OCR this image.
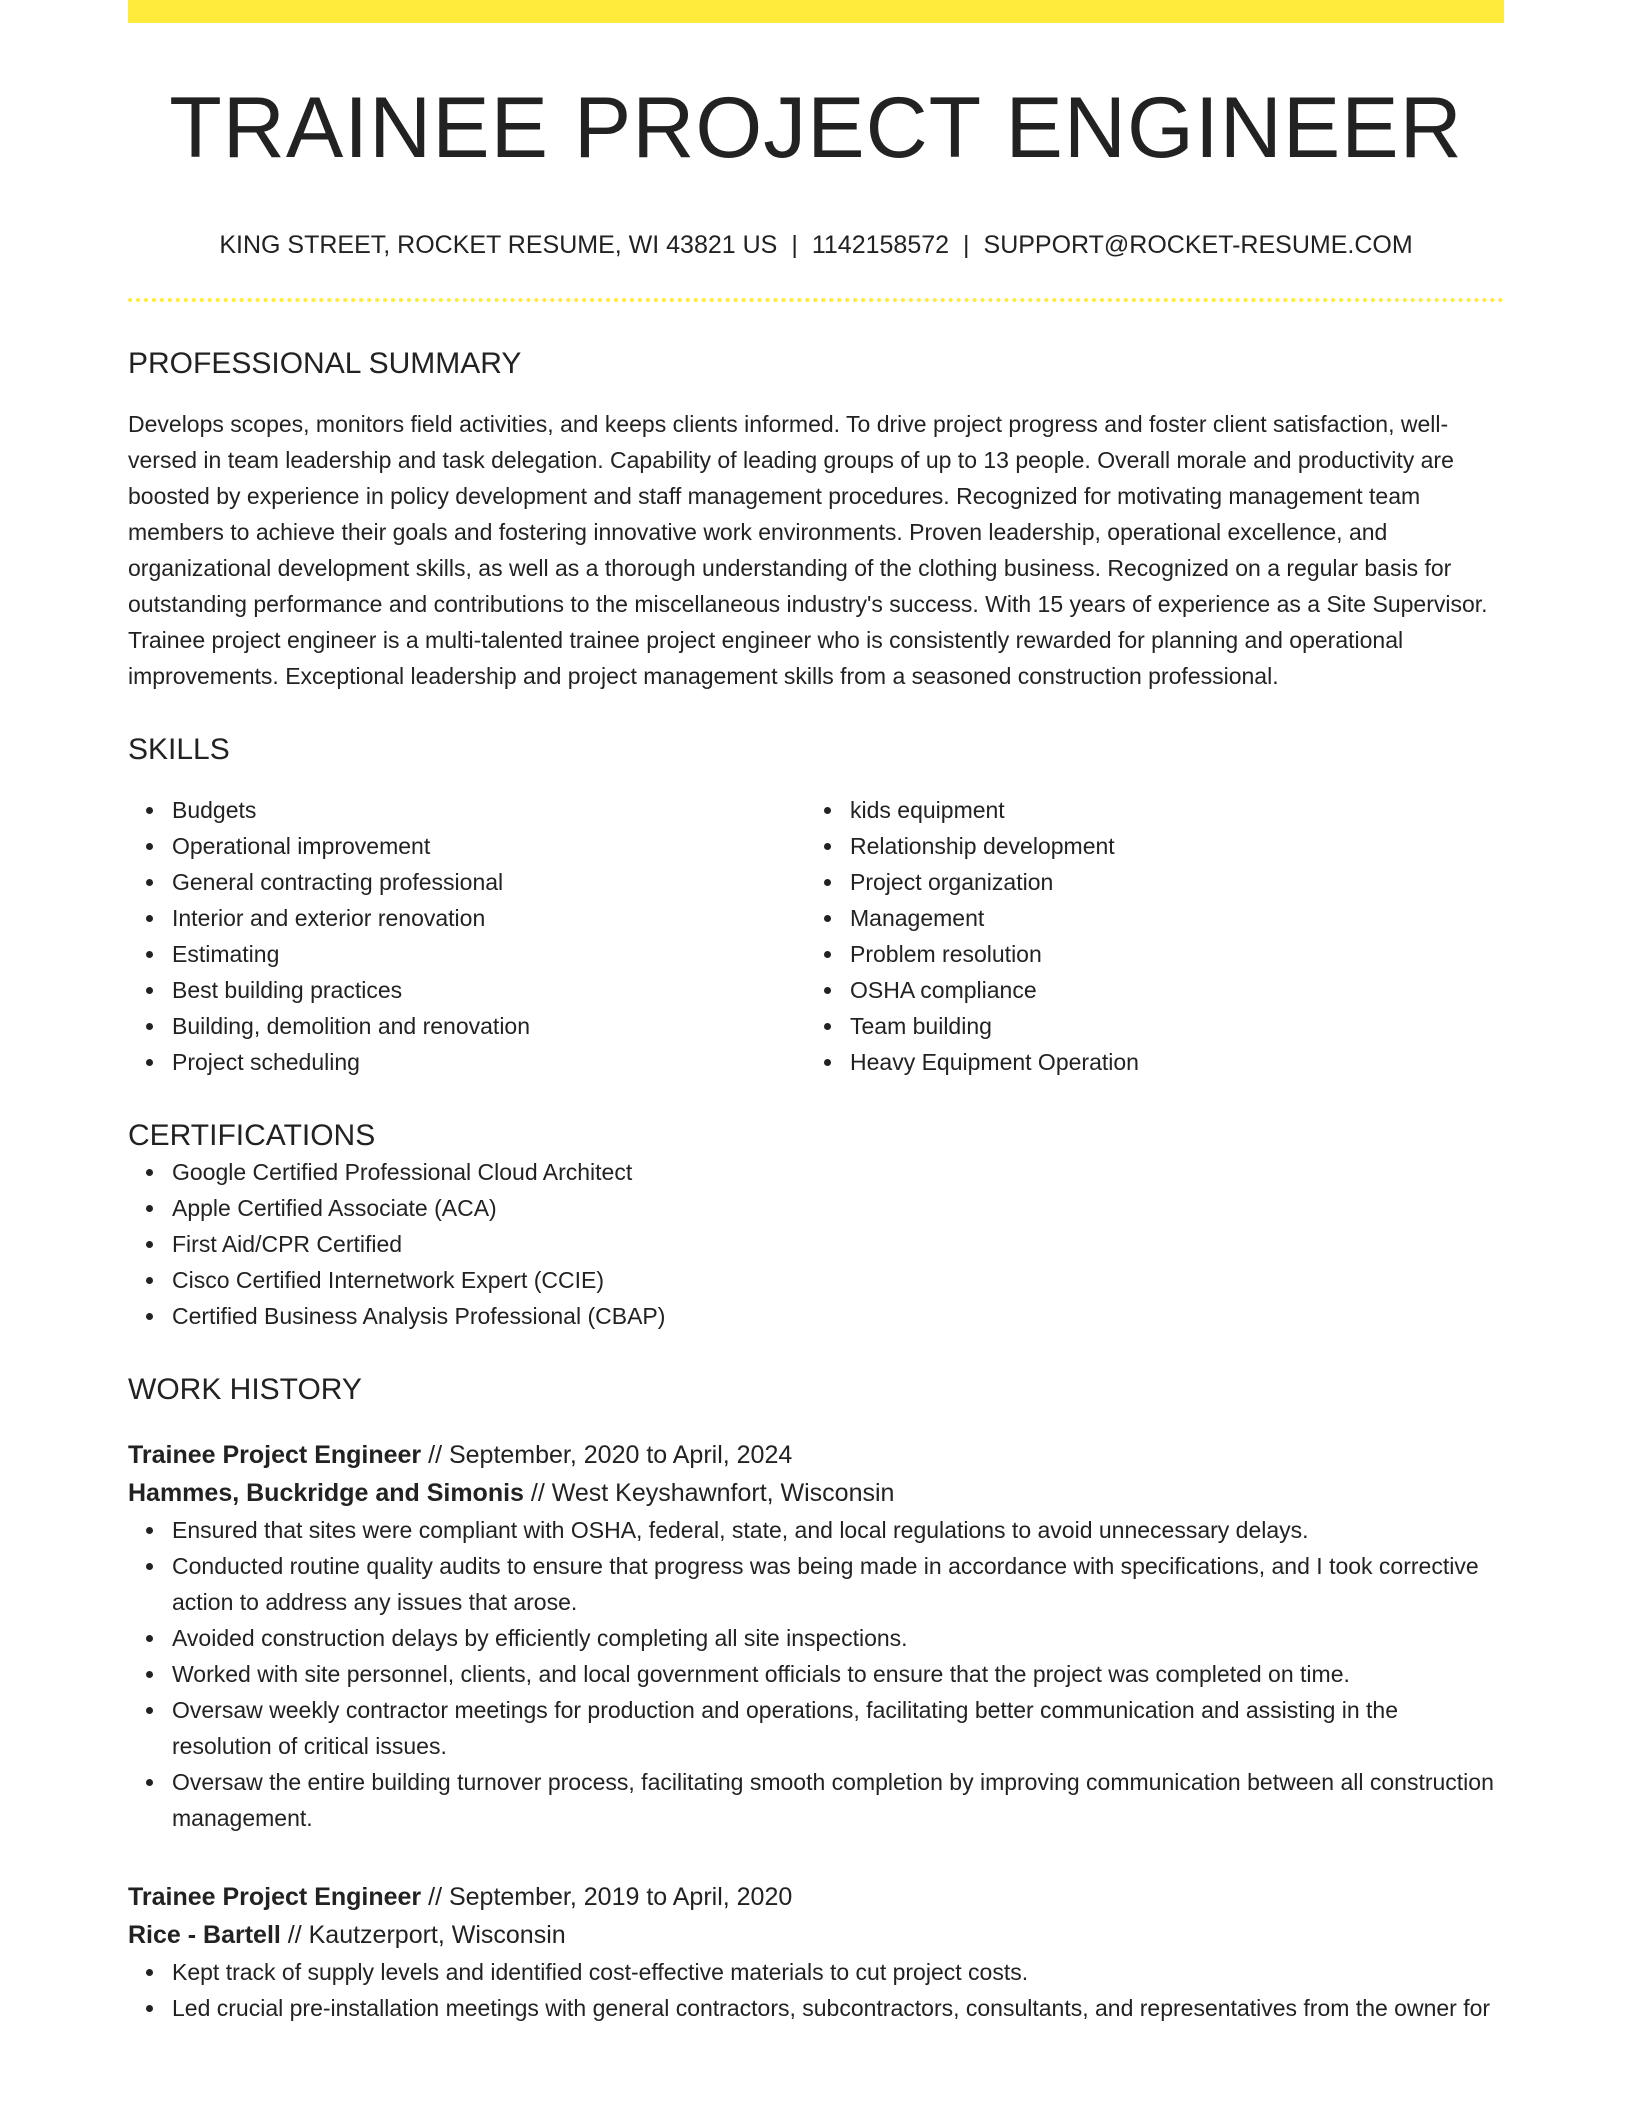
TRAINEE PROJECT ENGINEER
KING STREET, ROCKET RESUME, WI 43821 US | 1142158572 | SUPPORT@ROCKET-RESUME.COM
PROFESSIONAL SUMMARY
Develops scopes, monitors field activities, and keeps clients informed. To drive project progress and foster client satisfaction, well-versed in team leadership and task delegation. Capability of leading groups of up to 13 people. Overall morale and productivity are boosted by experience in policy development and staff management procedures. Recognized for motivating management team members to achieve their goals and fostering innovative work environments. Proven leadership, operational excellence, and organizational development skills, as well as a thorough understanding of the clothing business. Recognized on a regular basis for outstanding performance and contributions to the miscellaneous industry's success. With 15 years of experience as a Site Supervisor. Trainee project engineer is a multi-talented trainee project engineer who is consistently rewarded for planning and operational improvements. Exceptional leadership and project management skills from a seasoned construction professional.
SKILLS
Budgets
Operational improvement
General contracting professional
Interior and exterior renovation
Estimating
Best building practices
Building, demolition and renovation
Project scheduling
kids equipment
Relationship development
Project organization
Management
Problem resolution
OSHA compliance
Team building
Heavy Equipment Operation
CERTIFICATIONS
Google Certified Professional Cloud Architect
Apple Certified Associate (ACA)
First Aid/CPR Certified
Cisco Certified Internetwork Expert (CCIE)
Certified Business Analysis Professional (CBAP)
WORK HISTORY
Trainee Project Engineer // September, 2020 to April, 2024
Hammes, Buckridge and Simonis // West Keyshawnfort, Wisconsin
Ensured that sites were compliant with OSHA, federal, state, and local regulations to avoid unnecessary delays.
Conducted routine quality audits to ensure that progress was being made in accordance with specifications, and I took corrective action to address any issues that arose.
Avoided construction delays by efficiently completing all site inspections.
Worked with site personnel, clients, and local government officials to ensure that the project was completed on time.
Oversaw weekly contractor meetings for production and operations, facilitating better communication and assisting in the resolution of critical issues.
Oversaw the entire building turnover process, facilitating smooth completion by improving communication between all construction management.
Trainee Project Engineer // September, 2019 to April, 2020
Rice - Bartell // Kautzerport, Wisconsin
Kept track of supply levels and identified cost-effective materials to cut project costs.
Led crucial pre-installation meetings with general contractors, subcontractors, consultants, and representatives from the owner for
